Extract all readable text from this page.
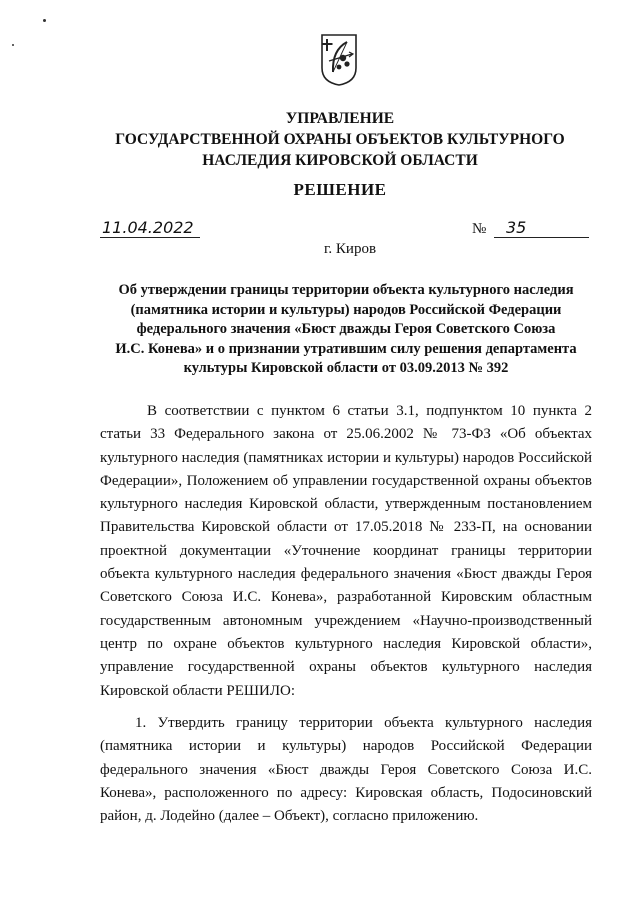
УПРАВЛЕНИЕ
ГОСУДАРСТВЕННОЙ ОХРАНЫ ОБЪЕКТОВ КУЛЬТУРНОГО
НАСЛЕДИЯ КИРОВСКОЙ ОБЛАСТИ
РЕШЕНИЕ
11.04.2022	№	35
г. Киров
Об утверждении границы территории объекта культурного наследия
(памятника истории и культуры) народов Российской Федерации
федерального значения «Бюст дважды Героя Советского Союза
И.С. Конева» и о признании утратившим силу решения департамента
культуры Кировской области от 03.09.2013 № 392

В соответствии с пунктом 6 статьи 3.1, подпунктом 10 пункта 2 статьи 33 Федерального закона от 25.06.2002 № 73-ФЗ «Об объектах культурного наследия (памятниках истории и культуры) народов Российской Федерации», Положением об управлении государственной охраны объектов культурного наследия Кировской области, утвержденным постановлением Правительства Кировской области от 17.05.2018 № 233-П, на основании проектной документации «Уточнение координат границы территории объекта культурного наследия федерального значения «Бюст дважды Героя Советского Союза И.С. Конева», разработанной Кировским областным государственным автономным учреждением «Научно-производственный центр по охране объектов культурного наследия Кировской области», управление государственной охраны объектов культурного наследия Кировской области РЕШИЛО:

1. Утвердить границу территории объекта культурного наследия (памятника истории и культуры) народов Российской Федерации федерального значения «Бюст дважды Героя Советского Союза И.С. Конева», расположенного по адресу: Кировская область, Подосиновский район, д. Лодейно (далее – Объект), согласно приложению.
